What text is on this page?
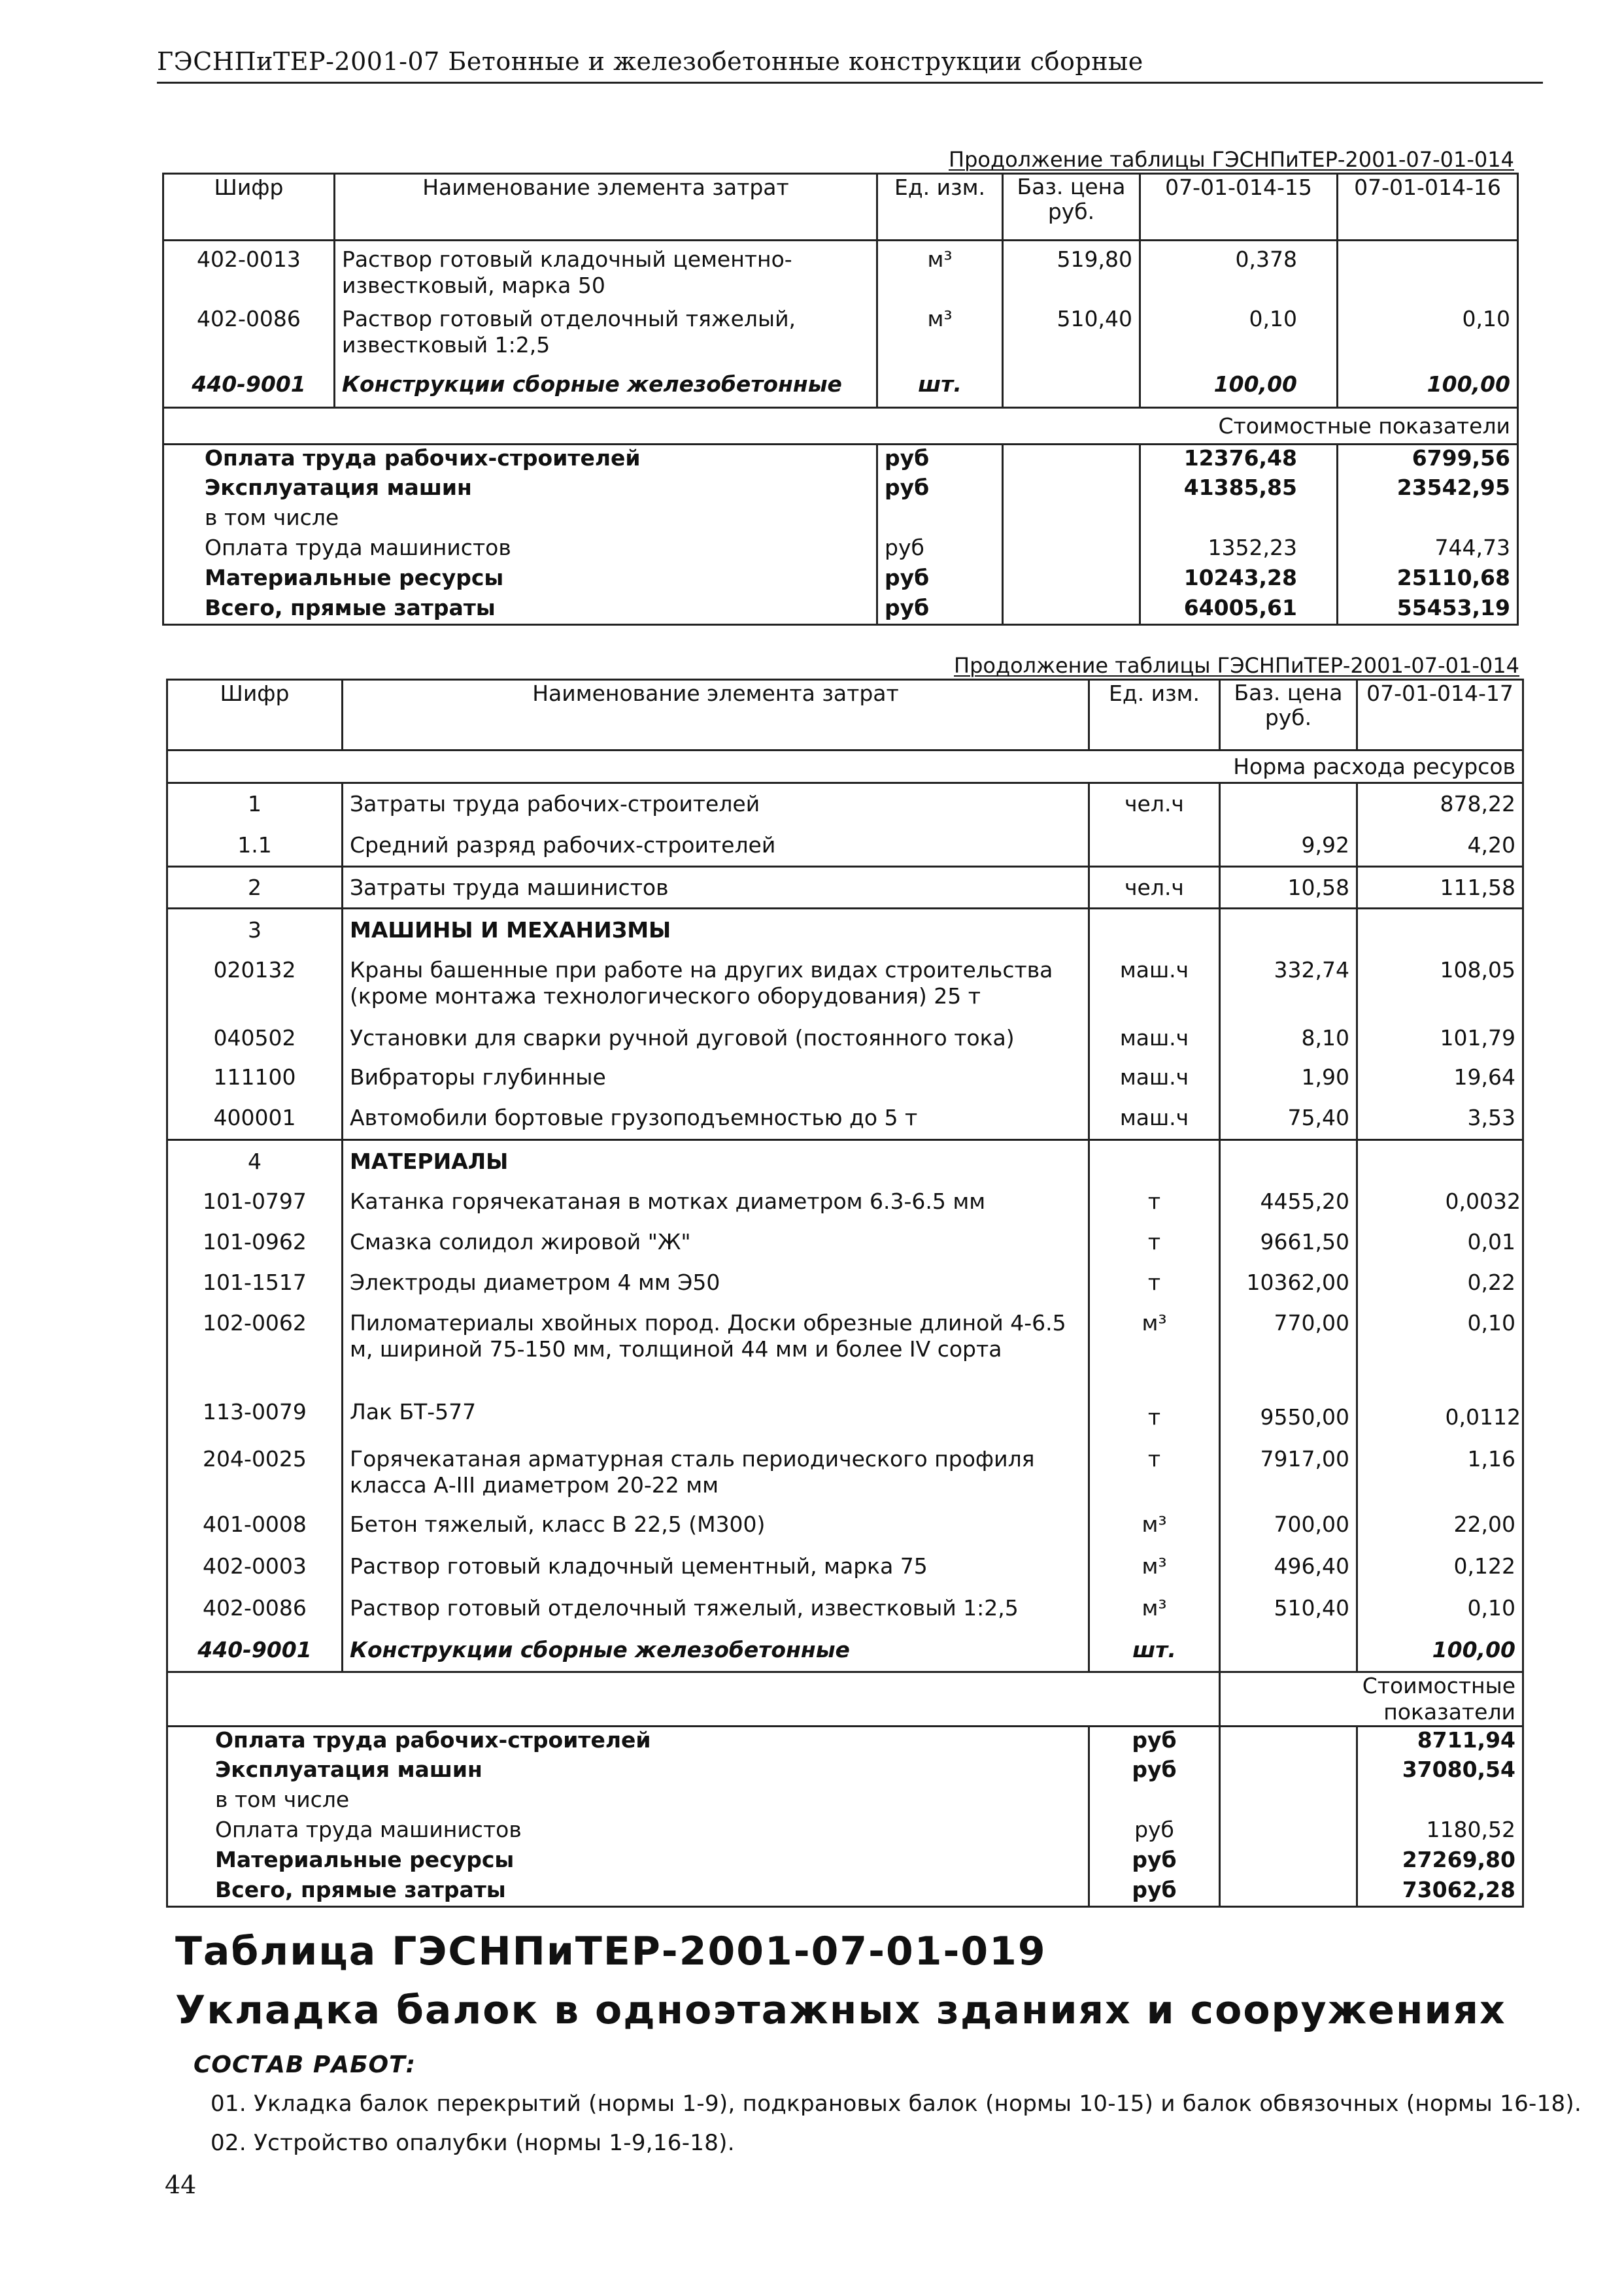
ГЭСНПиТЕР-2001-07 Бетонные и железобетонные конструкции сборные
Продолжение таблицы ГЭСНПиТЕР-2001-07-01-014
Шифр	Наименование элемента затрат	Ед. изм.	Баз. цена руб.	07-01-014-15	07-01-014-16
402-0013	Раствор готовый кладочный цементно-известковый, марка 50	м³	519,80	0,378	
402-0086	Раствор готовый отделочный тяжелый, известковый 1:2,5	м³	510,40	0,10	0,10
440-9001	Конструкции сборные железобетонные	шт.		100,00	100,00
Стоимостные показатели					
Оплата труда рабочих-строителей		руб		12376,48	6799,56
Эксплуатация машин		руб		41385,85	23542,95
в том числе					
Оплата труда машинистов		руб		1352,23	744,73
Материальные ресурсы		руб		10243,28	25110,68
Всего, прямые затраты		руб		64005,61	55453,19
Продолжение таблицы ГЭСНПиТЕР-2001-07-01-014
Шифр	Наименование элемента затрат	Ед. изм.	Баз. цена руб.	07-01-014-17
Норма расхода ресурсов				
1	Затраты труда рабочих-строителей	чел.ч		878,22
1.1	Средний разряд рабочих-строителей		9,92	4,20
2	Затраты труда машинистов	чел.ч	10,58	111,58
3	МАШИНЫ И МЕХАНИЗМЫ			
020132	Краны башенные при работе на других видах строительства (кроме монтажа технологического оборудования) 25 т	маш.ч	332,74	108,05
040502	Установки для сварки ручной дуговой (постоянного тока)	маш.ч	8,10	101,79
111100	Вибраторы глубинные	маш.ч	1,90	19,64
400001	Автомобили бортовые грузоподъемностью до 5 т	маш.ч	75,40	3,53
4	МАТЕРИАЛЫ			
101-0797	Катанка горячекатаная в мотках диаметром 6.3-6.5 мм	т	4455,20	0,0032
101-0962	Смазка солидол жировой "Ж"	т	9661,50	0,01
101-1517	Электроды диаметром 4 мм Э50	т	10362,00	0,22
102-0062	Пиломатериалы хвойных пород. Доски обрезные длиной 4-6.5 м, шириной 75-150 мм, толщиной 44 мм и более IV сорта	м³	770,00	0,10
113-0079	Лак БТ-577	т	9550,00	0,0112
204-0025	Горячекатаная арматурная сталь периодического профиля класса А-III диаметром 20-22 мм	т	7917,00	1,16
401-0008	Бетон тяжелый, класс В 22,5 (М300)	м³	700,00	22,00
402-0003	Раствор готовый кладочный цементный, марка 75	м³	496,40	0,122
402-0086	Раствор готовый отделочный тяжелый, известковый 1:2,5	м³	510,40	0,10
440-9001	Конструкции сборные железобетонные	шт.		100,00
			Стоимостные показатели	
Оплата труда рабочих-строителей		руб		8711,94
Эксплуатация машин		руб		37080,54
в том числе				
Оплата труда машинистов		руб		1180,52
Материальные ресурсы		руб		27269,80
Всего, прямые затраты		руб		73062,28
Таблица ГЭСНПиТЕР-2001-07-01-019
Укладка балок в одноэтажных зданиях и сооружениях
СОСТАВ РАБОТ:
01. Укладка балок перекрытий (нормы 1-9), подкрановых балок (нормы 10-15) и балок обвязочных (нормы 16-18).
02. Устройство опалубки (нормы 1-9,16-18).
44
